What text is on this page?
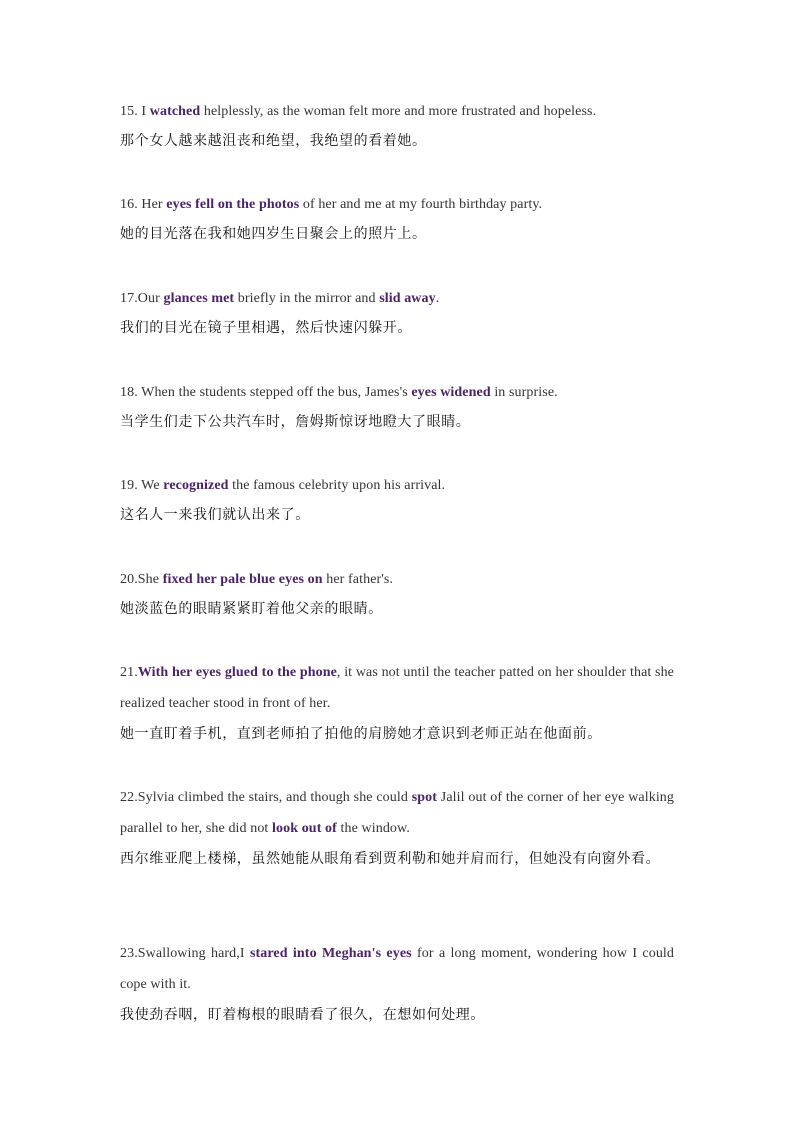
15. I watched helplessly, as the woman felt more and more frustrated and hopeless.
那个女人越来越沮丧和绝望，我绝望的看着她。
16. Her eyes fell on the photos of her and me at my fourth birthday party.
她的目光落在我和她四岁生日聚会上的照片上。
17.Our glances met briefly in the mirror and slid away.
我们的目光在镜子里相遇，然后快速闪躲开。
18. When the students stepped off the bus, James's eyes widened in surprise.
当学生们走下公共汽车时，詹姆斯惊讶地瞪大了眼睛。
19. We recognized the famous celebrity upon his arrival.
这名人一来我们就认出来了。
20.She fixed her pale blue eyes on her father's.
她淡蓝色的眼睛紧紧盯着他父亲的眼睛。
21.With her eyes glued to the phone, it was not until the teacher patted on her shoulder that she realized teacher stood in front of her.
她一直盯着手机，直到老师拍了拍他的肩膀她才意识到老师正站在他面前。
22.Sylvia climbed the stairs, and though she could spot Jalil out of the corner of her eye walking parallel to her, she did not look out of the window.
西尔维亚爬上楼梯，虽然她能从眼角看到贾利勒和她并肩而行，但她没有向窗外看。
23.Swallowing hard,I stared into Meghan's eyes for a long moment, wondering how I could cope with it.
我使劲吞咽，盯着梅根的眼睛看了很久，在想如何处理。
